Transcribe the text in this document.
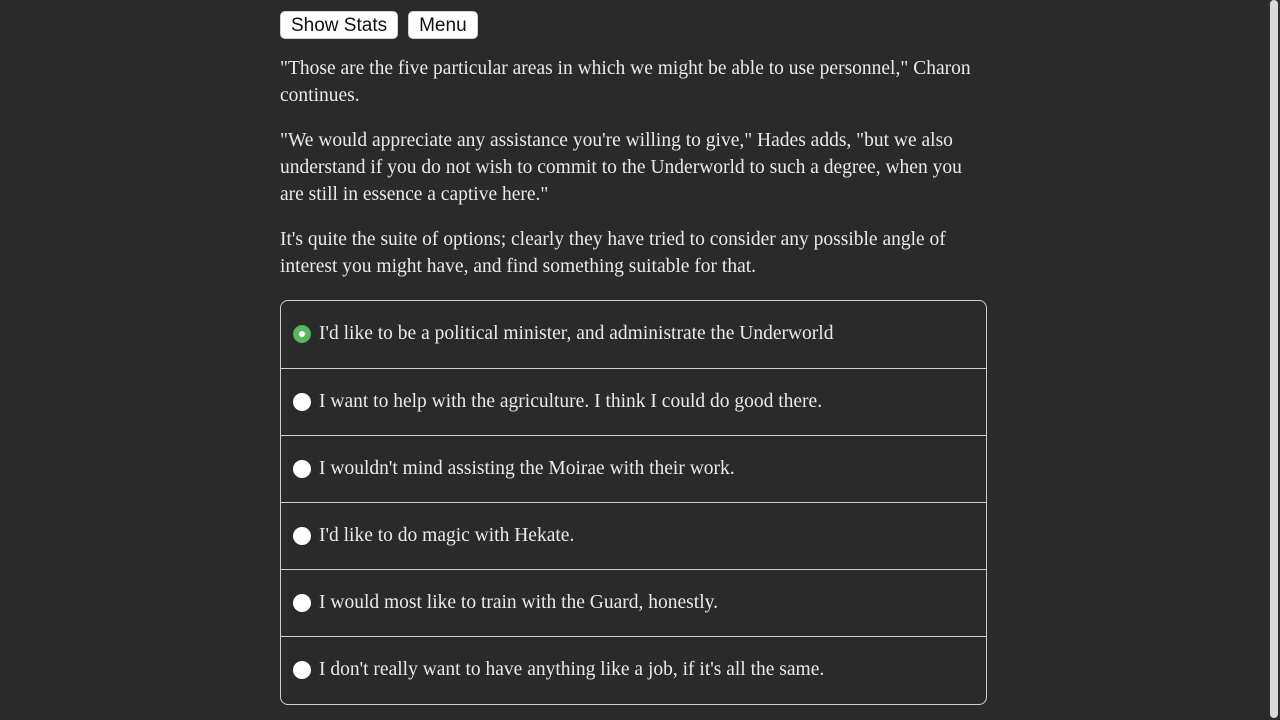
Show Stats Menu

"Those are the five particular areas in which we might be able to use personnel," Charon continues.

"We would appreciate any assistance you're willing to give," Hades adds, "but we also understand if you do not wish to commit to the Underworld to such a degree, when you are still in essence a captive here."

It's quite the suite of options; clearly they have tried to consider any possible angle of interest you might have, and find something suitable for that.

I'd like to be a political minister, and administrate the Underworld
I want to help with the agriculture. I think I could do good there.
I wouldn't mind assisting the Moirae with their work.
I'd like to do magic with Hekate.
I would most like to train with the Guard, honestly.
I don't really want to have anything like a job, if it's all the same.
